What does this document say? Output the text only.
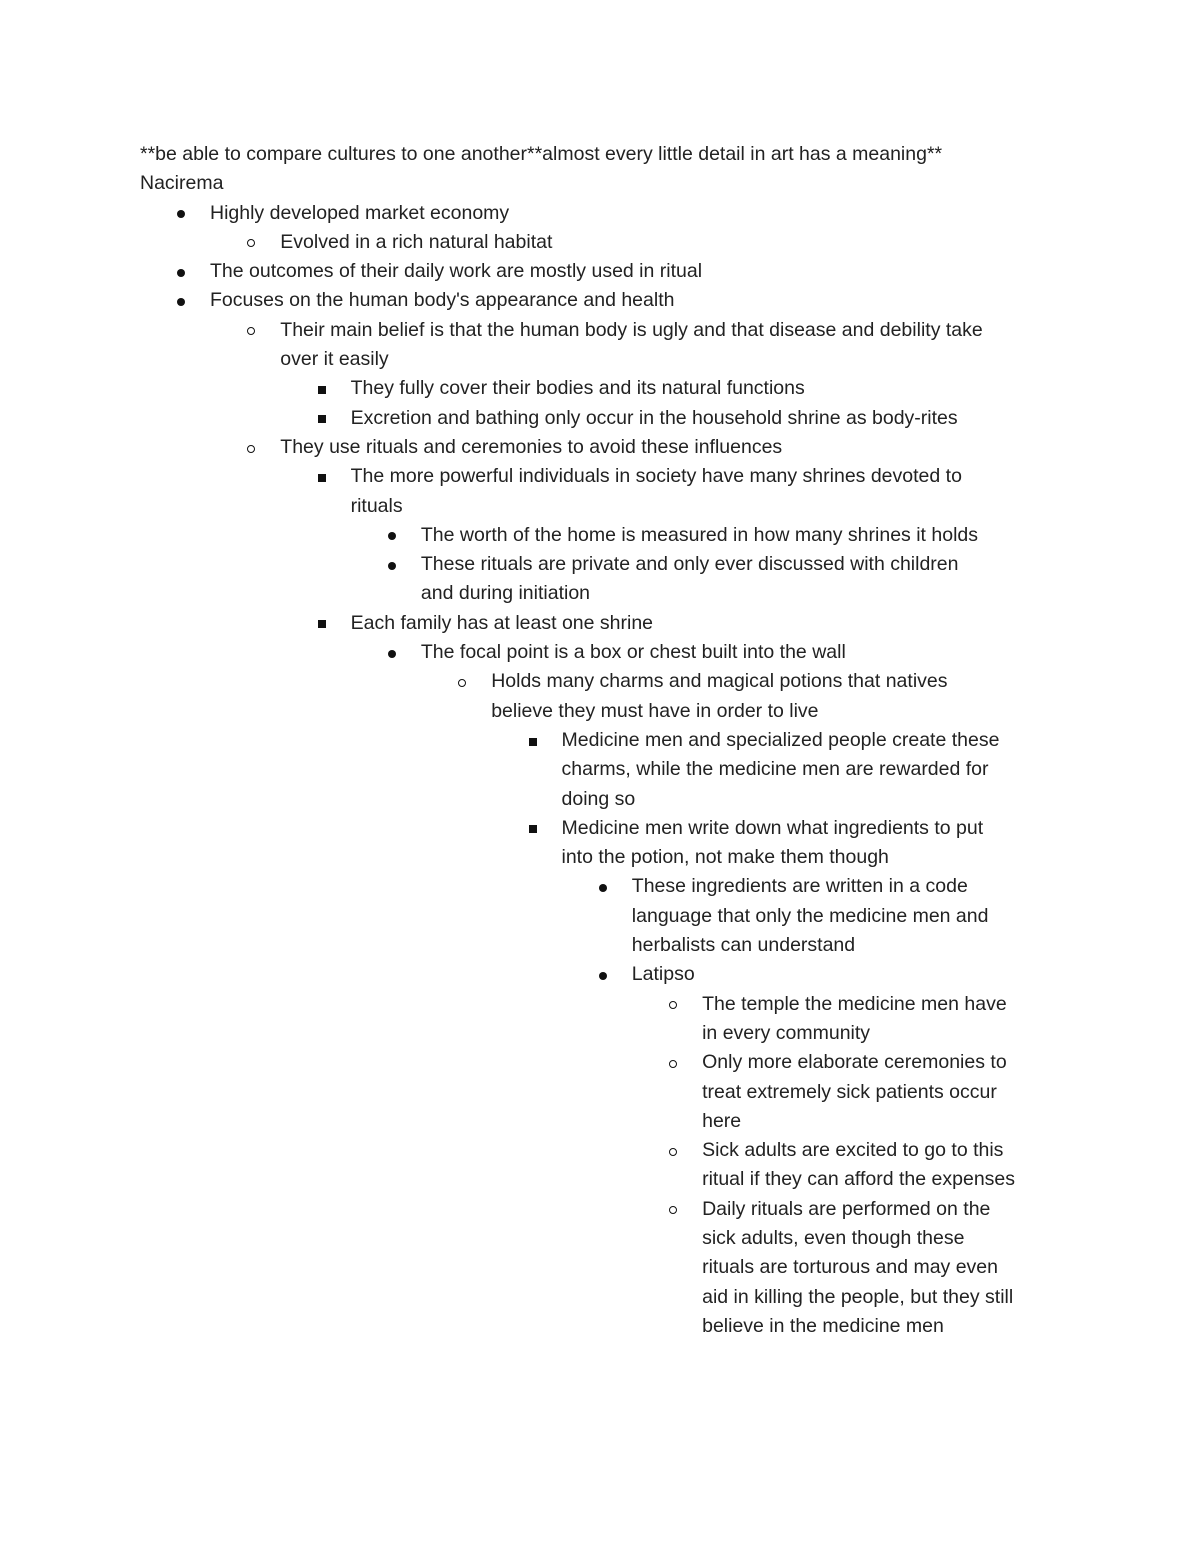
**be able to compare cultures to one another**almost every little detail in art has a meaning**
Nacirema
Highly developed market economy
Evolved in a rich natural habitat
The outcomes of their daily work are mostly used in ritual
Focuses on the human body's appearance and health
Their main belief is that the human body is ugly and that disease and debility take
over it easily
They fully cover their bodies and its natural functions
Excretion and bathing only occur in the household shrine as body-rites
They use rituals and ceremonies to avoid these influences
The more powerful individuals in society have many shrines devoted to
rituals
The worth of the home is measured in how many shrines it holds
These rituals are private and only ever discussed with children
and during initiation
Each family has at least one shrine
The focal point is a box or chest built into the wall
Holds many charms and magical potions that natives
believe they must have in order to live
Medicine men and specialized people create these
charms, while the medicine men are rewarded for
doing so
Medicine men write down what ingredients to put
into the potion, not make them though
These ingredients are written in a code
language that only the medicine men and
herbalists can understand
Latipso
The temple the medicine men have
in every community
Only more elaborate ceremonies to
treat extremely sick patients occur
here
Sick adults are excited to go to this
ritual if they can afford the expenses
Daily rituals are performed on the
sick adults, even though these
rituals are torturous and may even
aid in killing the people, but they still
believe in the medicine men
